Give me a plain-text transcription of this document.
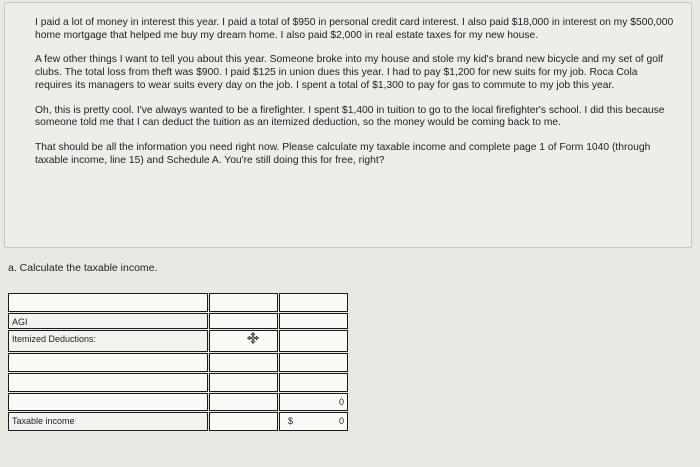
I paid a lot of money in interest this year. I paid a total of $950 in personal credit card interest. I also paid $18,000 in interest on my $500,000 home mortgage that helped me buy my dream home. I also paid $2,000 in real estate taxes for my new house.

A few other things I want to tell you about this year. Someone broke into my house and stole my kid's brand new bicycle and my set of golf clubs. The total loss from theft was $900. I paid $125 in union dues this year. I had to pay $1,200 for new suits for my job. Roca Cola requires its managers to wear suits every day on the job. I spent a total of $1,300 to pay for gas to commute to my job this year.

Oh, this is pretty cool. I've always wanted to be a firefighter. I spent $1,400 in tuition to go to the local firefighter's school. I did this because someone told me that I can deduct the tuition as an itemized deduction, so the money would be coming back to me.

That should be all the information you need right now. Please calculate my taxable income and complete page 1 of Form 1040 (through taxable income, line 15) and Schedule A. You're still doing this for free, right?

a. Calculate the taxable income.
AGI
Itemized Deductions:
0
Taxable income	0
$
